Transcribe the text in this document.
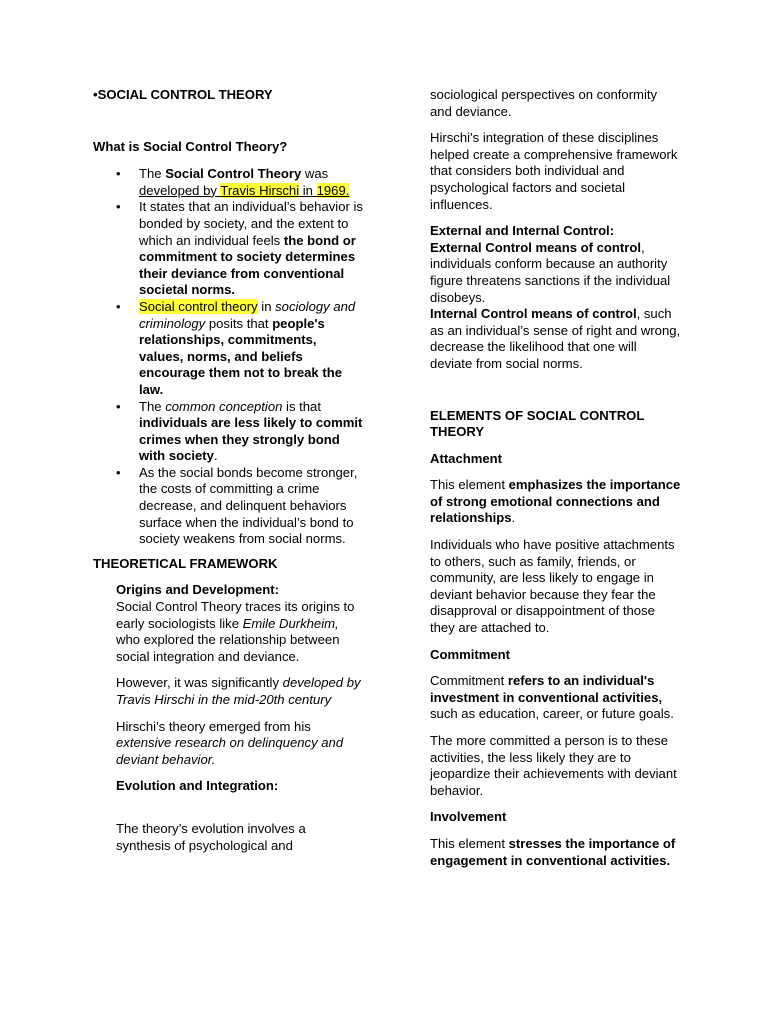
•SOCIAL CONTROL THEORY

What is Social Control Theory?

• The Social Control Theory was developed by Travis Hirschi in 1969.
• It states that an individual’s behavior is bonded by society, and the extent to which an individual feels the bond or commitment to society determines their deviance from conventional societal norms.
• Social control theory in sociology and criminology posits that people's relationships, commitments, values, norms, and beliefs encourage them not to break the law.
• The common conception is that individuals are less likely to commit crimes when they strongly bond with society.
• As the social bonds become stronger, the costs of committing a crime decrease, and delinquent behaviors surface when the individual’s bond to society weakens from social norms.

THEORETICAL FRAMEWORK

Origins and Development:

Social Control Theory traces its origins to early sociologists like Emile Durkheim, who explored the relationship between social integration and deviance.

However, it was significantly developed by Travis Hirschi in the mid-20th century

Hirschi’s theory emerged from his extensive research on delinquency and deviant behavior.

Evolution and Integration:

The theory’s evolution involves a synthesis of psychological and

sociological perspectives on conformity and deviance.

Hirschi’s integration of these disciplines helped create a comprehensive framework that considers both individual and psychological factors and societal influences.

External and Internal Control:

External Control means of control, individuals conform because an authority figure threatens sanctions if the individual disobeys.

Internal Control means of control, such as an individual’s sense of right and wrong, decrease the likelihood that one will deviate from social norms.

ELEMENTS OF SOCIAL CONTROL THEORY

Attachment

This element emphasizes the importance of strong emotional connections and relationships.

Individuals who have positive attachments to others, such as family, friends, or community, are less likely to engage in deviant behavior because they fear the disapproval or disappointment of those they are attached to.

Commitment

Commitment refers to an individual's investment in conventional activities, such as education, career, or future goals.

The more committed a person is to these activities, the less likely they are to jeopardize their achievements with deviant behavior.

Involvement

This element stresses the importance of engagement in conventional activities.
